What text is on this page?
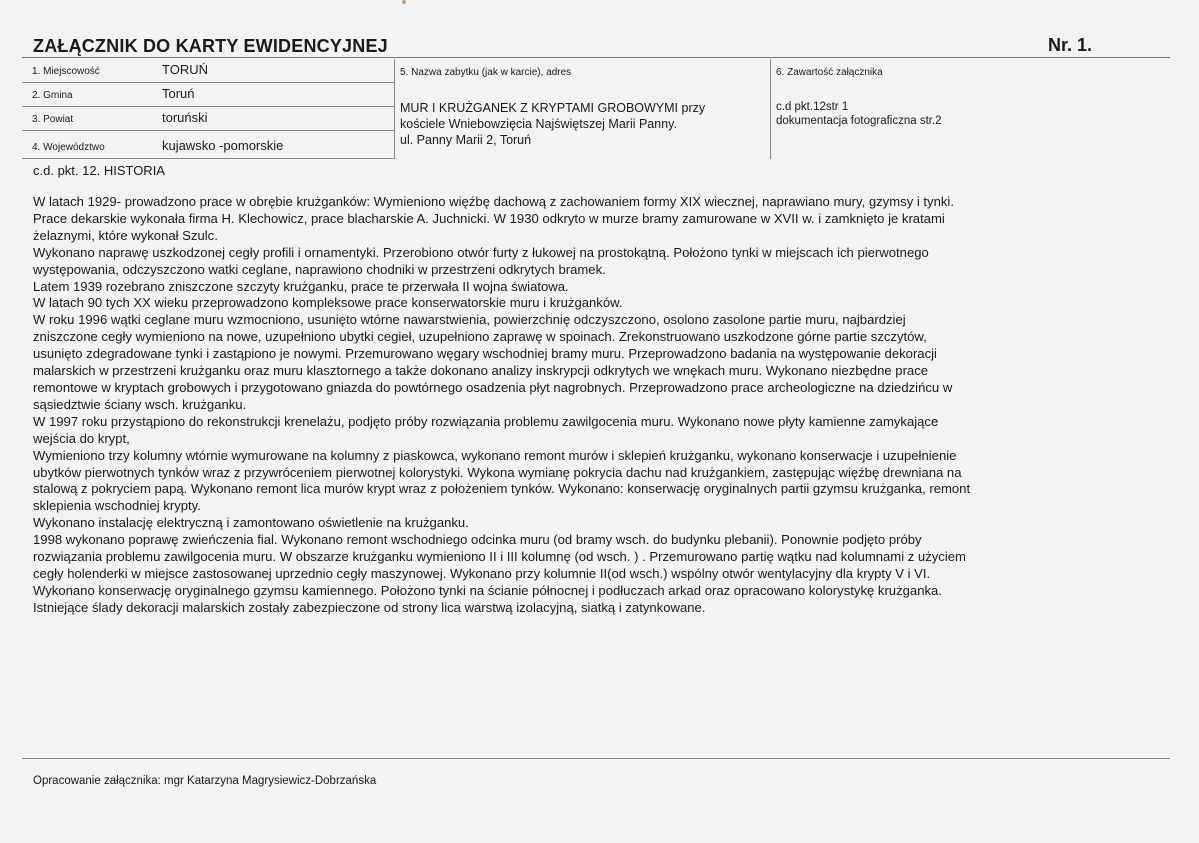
ZAŁĄCZNIK DO KARTY EWIDENCYJNEJ	Nr. 1.
1. Miejscowość	TORUŃ
2. Gmina	Toruń
3. Powiat	toruński
4. Województwo	kujawsko -pomorskie
5. Nazwa zabytku (jak w karcie), adres
MUR I KRUŻGANEK Z KRYPTAMI GROBOWYMI przy
kościele Wniebowzięcia Najświętszej Marii Panny.
ul. Panny Marii 2, Toruń
6. Zawartość załącznika
c.d pkt.12str 1
dokumentacja fotograficzna str.2
c.d. pkt. 12. HISTORIA

W latach 1929- prowadzono prace w obrębie krużganków: Wymieniono więźbę dachową z zachowaniem formy XIX wiecznej, naprawiano mury, gzymsy i tynki.

Prace dekarskie wykonała firma H. Klechowicz, prace blacharskie A. Juchnicki. W 1930 odkryto w murze bramy zamurowane w XVII w. i zamknięto je kratami

żelaznymi, które wykonał Szulc.

Wykonano naprawę uszkodzonej cegły profili i ornamentyki. Przerobiono otwór furty z łukowej na prostokątną. Położono tynki w miejscach ich pierwotnego

występowania, odczyszczono watki ceglane, naprawiono chodniki w przestrzeni odkrytych bramek.

Latem 1939 rozebrano zniszczone szczyty krużganku, prace te przerwała II wojna światowa.

W latach 90 tych XX wieku przeprowadzono kompleksowe prace konserwatorskie muru i krużganków.

W roku 1996 wątki ceglane muru wzmocniono, usunięto wtórne nawarstwienia, powierzchnię odczyszczono, osolono zasolone partie muru, najbardziej

zniszczone cegły wymieniono na nowe, uzupełniono ubytki cegieł, uzupełniono zaprawę w spoinach. Zrekonstruowano uszkodzone górne partie szczytów,

usunięto zdegradowane tynki i zastąpiono je nowymi. Przemurowano węgary wschodniej bramy muru. Przeprowadzono badania na występowanie dekoracji

malarskich w przestrzeni krużganku oraz muru klasztornego a także dokonano analizy inskrypcji odkrytych we wnękach muru. Wykonano niezbędne prace

remontowe w kryptach grobowych i przygotowano gniazda do powtórnego osadzenia płyt nagrobnych. Przeprowadzono prace archeologiczne na dziedzińcu w

sąsiedztwie ściany wsch. krużganku.

W 1997 roku przystąpiono do rekonstrukcji krenelażu, podjęto próby rozwiązania problemu zawilgocenia muru. Wykonano nowe płyty kamienne zamykające

wejścia do krypt,

Wymieniono trzy kolumny wtórnie wymurowane na kolumny z piaskowca, wykonano remont murów i sklepień krużganku, wykonano konserwacje i uzupełnienie

ubytków pierwotnych tynków wraz z przywróceniem pierwotnej kolorystyki. Wykona wymianę pokrycia dachu nad krużgankiem, zastępując więźbę drewniana na

stalową z pokryciem papą. Wykonano remont lica murów krypt wraz z położeniem tynków. Wykonano: konserwację oryginalnych partii gzymsu krużganka, remont

sklepienia wschodniej krypty.

Wykonano instalację elektryczną i zamontowano oświetlenie na krużganku.

1998 wykonano poprawę zwieńczenia fial. Wykonano remont wschodniego odcinka muru (od bramy wsch. do budynku plebanii). Ponownie podjęto próby

rozwiązania problemu zawilgocenia muru. W obszarze krużganku wymieniono II i III kolumnę (od wsch. ) . Przemurowano partię wątku nad kolumnami z użyciem

cegły holenderki w miejsce zastosowanej uprzednio cegły maszynowej. Wykonano przy kolumnie II(od wsch.) wspólny otwór wentylacyjny dla krypty V i VI.

Wykonano konserwację oryginalnego gzymsu kamiennego. Położono tynki na ścianie północnej i podłuczach arkad oraz opracowano kolorystykę krużganka.

Istniejące ślady dekoracji malarskich zostały zabezpieczone od strony lica warstwą izolacyjną, siatką i zatynkowane.

Opracowanie załącznika: mgr Katarzyna Magrysiewicz-Dobrzańska
